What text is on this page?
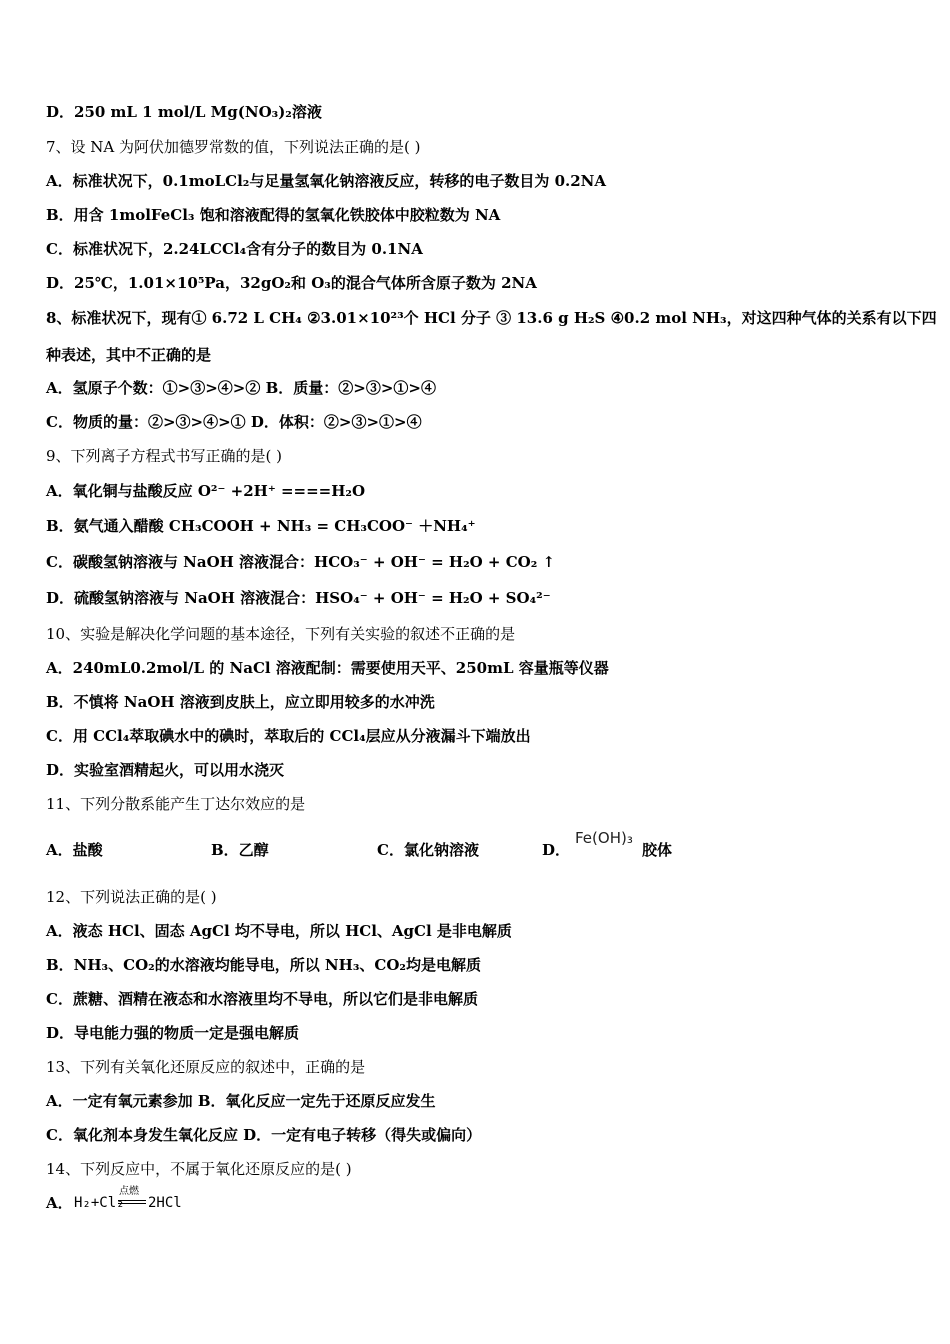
D．250 mL 1 mol/L Mg(NO₃)₂溶液
7、设 NA 为阿伏加德罗常数的值，下列说法正确的是( )
A．标准状况下，0.1moLCl₂与足量氢氧化钠溶液反应，转移的电子数目为 0.2NA
B．用含 1molFeCl₃ 饱和溶液配得的氢氧化铁胶体中胶粒数为 NA
C．标准状况下，2.24LCCl₄含有分子的数目为 0.1NA
D．25℃，1.01×10⁵Pa，32gO₂和 O₃的混合气体所含原子数为 2NA
8、标准状况下，现有① 6.72 L CH₄ ②3.01×10²³个 HCl 分子 ③ 13.6 g H₂S ④0.2 mol NH₃，对这四种气体的关系有以下四
种表述，其中不正确的是
A．氢原子个数：①>③>④>② B．质量：②>③>①>④
C．物质的量：②>③>④>① D．体积：②>③>①>④
9、下列离子方程式书写正确的是( )
A．氧化铜与盐酸反应 O²⁻ +2H⁺ ====H₂O
B．氨气通入醋酸 CH₃COOH + NH₃ = CH₃COO⁻ ＋NH₄⁺
C．碳酸氢钠溶液与 NaOH 溶液混合：HCO₃⁻ + OH⁻ = H₂O + CO₂ ↑
D．硫酸氢钠溶液与 NaOH 溶液混合：HSO₄⁻ + OH⁻ = H₂O + SO₄²⁻
10、实验是解决化学问题的基本途径，下列有关实验的叙述不正确的是
A．240mL0.2mol/L 的 NaCl 溶液配制：需要使用天平、250mL 容量瓶等仪器
B．不慎将 NaOH 溶液到皮肤上，应立即用较多的水冲洗
C．用 CCl₄萃取碘水中的碘时，萃取后的 CCl₄层应从分液漏斗下端放出
D．实验室酒精起火，可以用水浇灭
11、下列分散系能产生丁达尔效应的是
A．盐酸	B．乙醇	C．氯化钠溶液	D．
Fe(OH)₃
胶体
12、下列说法正确的是( )
A．液态 HCl、固态 AgCl 均不导电，所以 HCl、AgCl 是非电解质
B．NH₃、CO₂的水溶液均能导电，所以 NH₃、CO₂均是电解质
C．蔗糖、酒精在液态和水溶液里均不导电，所以它们是非电解质
D．导电能力强的物质一定是强电解质
13、下列有关氧化还原反应的叙述中，正确的是
A．一定有氧元素参加 B．氧化反应一定先于还原反应发生
C．氧化剂本身发生氧化反应 D．一定有电子转移（得失或偏向）
14、下列反应中，不属于氧化还原反应的是( )
A． H₂+Cl₂
点燃
2HCl
